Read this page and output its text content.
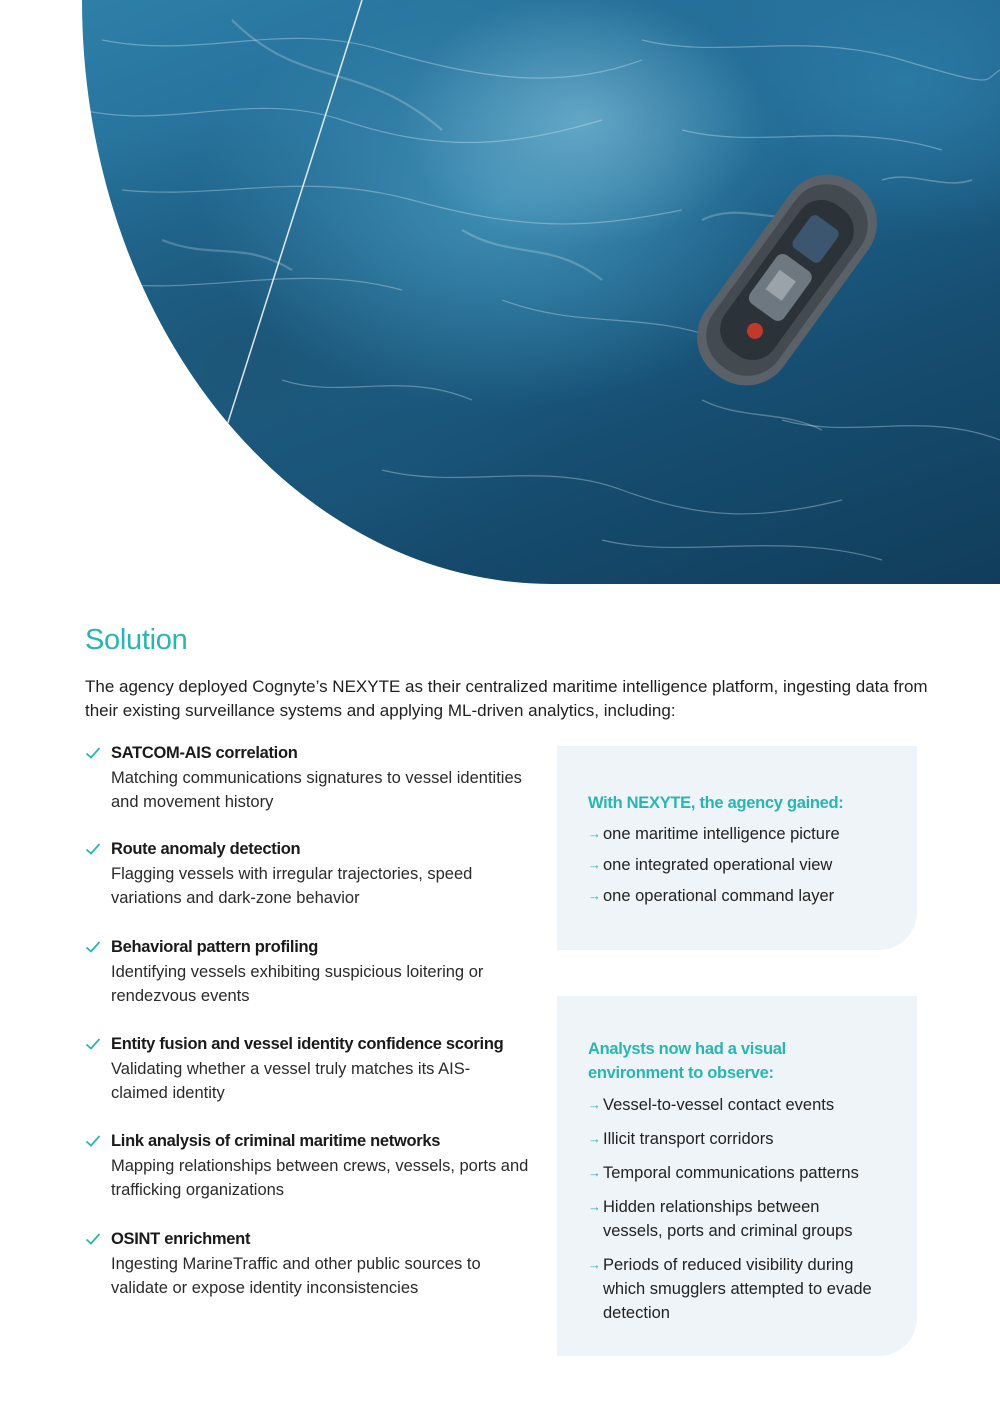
Solution

The agency deployed Cognyte’s NEXYTE as their centralized maritime intelligence platform, ingesting data from their existing surveillance systems and applying ML-driven analytics, including:

SATCOM-AIS correlation

Matching communications signatures to vessel identities and movement history

Route anomaly detection

Flagging vessels with irregular trajectories, speed variations and dark-zone behavior

Behavioral pattern profiling

Identifying vessels exhibiting suspicious loitering or rendezvous events

Entity fusion and vessel identity confidence scoring

Validating whether a vessel truly matches its AIS-claimed identity

Link analysis of criminal maritime networks

Mapping relationships between crews, vessels, ports and trafficking organizations

OSINT enrichment

Ingesting MarineTraffic and other public sources to validate or expose identity inconsistencies

With NEXYTE, the agency gained:

→ one maritime intelligence picture
→ one integrated operational view
→ one operational command layer

Analysts now had a visual environment to observe:

→ Vessel-to-vessel contact events
→ Illicit transport corridors
→ Temporal communications patterns
→ Hidden relationships between vessels, ports and criminal groups
→ Periods of reduced visibility during which smugglers attempted to evade detection
